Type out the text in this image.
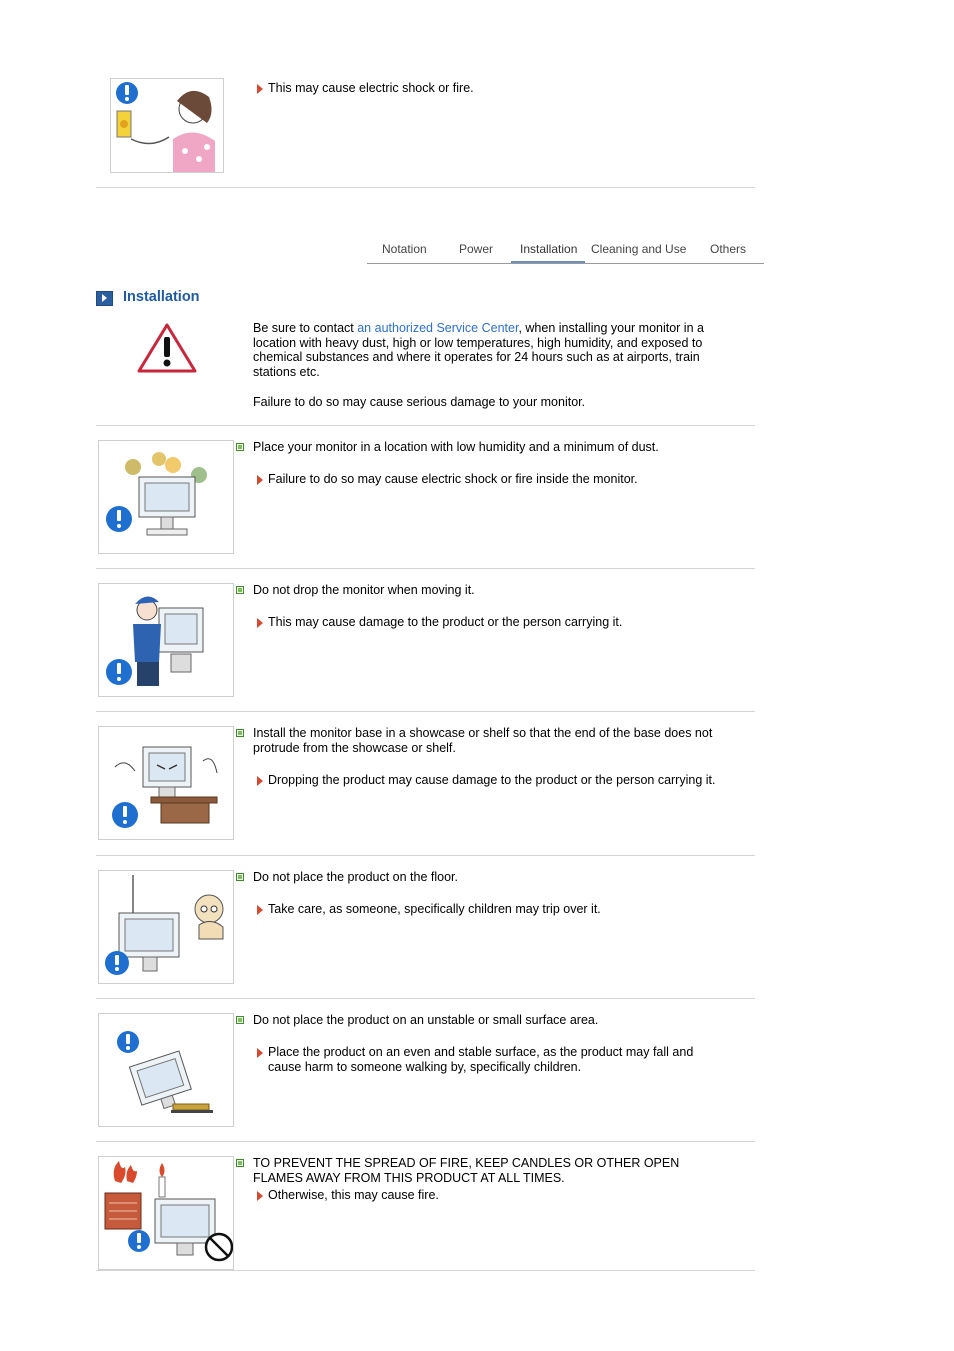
This may cause electric shock or fire.
Notation	Power Installation Cleaning and Use Others
Installation
Be sure to contact an authorized Service Center, when installing your monitor in a
location with heavy dust, high or low temperatures, high humidity, and exposed to
chemical substances and where it operates for 24 hours such as at airports, train
stations etc.
Failure to do so may cause serious damage to your monitor.
Place your monitor in a location with low humidity and a minimum of dust.
Failure to do so may cause electric shock or fire inside the monitor.
Do not drop the monitor when moving it.
This may cause damage to the product or the person carrying it.
Install the monitor base in a showcase or shelf so that the end of the base does not
protrude from the showcase or shelf.
Dropping the product may cause damage to the product or the person carrying it.
Do not place the product on the floor.
Take care, as someone, specifically children may trip over it.
Do not place the product on an unstable or small surface area.
Place the product on an even and stable surface, as the product may fall and
cause harm to someone walking by, specifically children.
TO PREVENT THE SPREAD OF FIRE, KEEP CANDLES OR OTHER OPEN
FLAMES AWAY FROM THIS PRODUCT AT ALL TIMES.
Otherwise, this may cause fire.
